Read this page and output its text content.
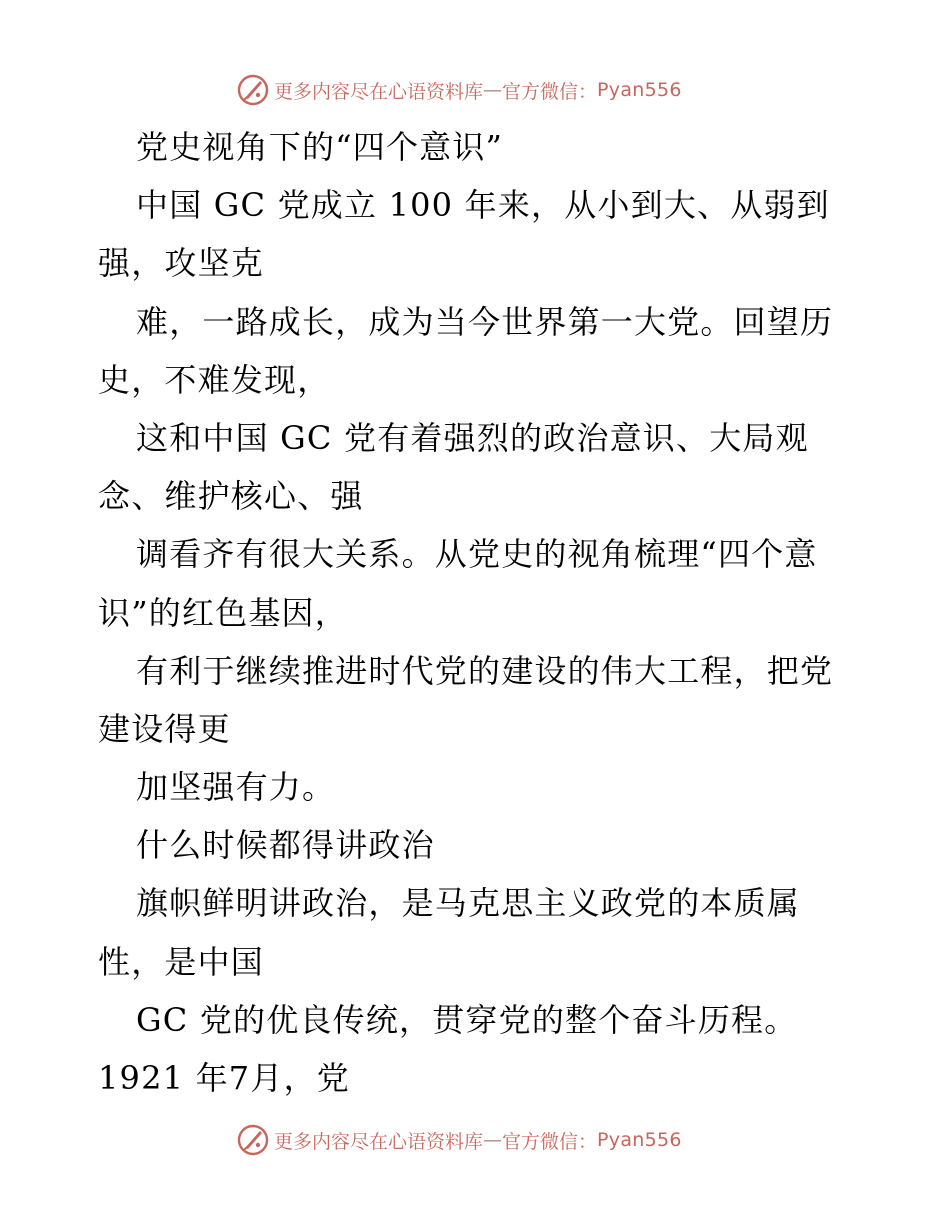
更多内容尽在心语资料库 — 官方微信： Pyan556
党史视角下的“四个意识”
中国 GC 党成立 100 年来，从小到大、从弱到
强，攻坚克
难，一路成长，成为当今世界第一大党。回望历
史，不难发现，
这和中国 GC 党有着强烈的政治意识、大局观
念、维护核心、强
调看齐有很大关系。从党史的视角梳理“四个意
识”的红色基因，
有利于继续推进时代党的建设的伟大工程，把党
建设得更
加坚强有力。
什么时候都得讲政治
旗帜鲜明讲政治，是马克思主义政党的本质属
性，是中国
GC 党的优良传统，贯穿党的整个奋斗历程。
1921 年7月，党
更多内容尽在心语资料库 — 官方微信： Pyan556
